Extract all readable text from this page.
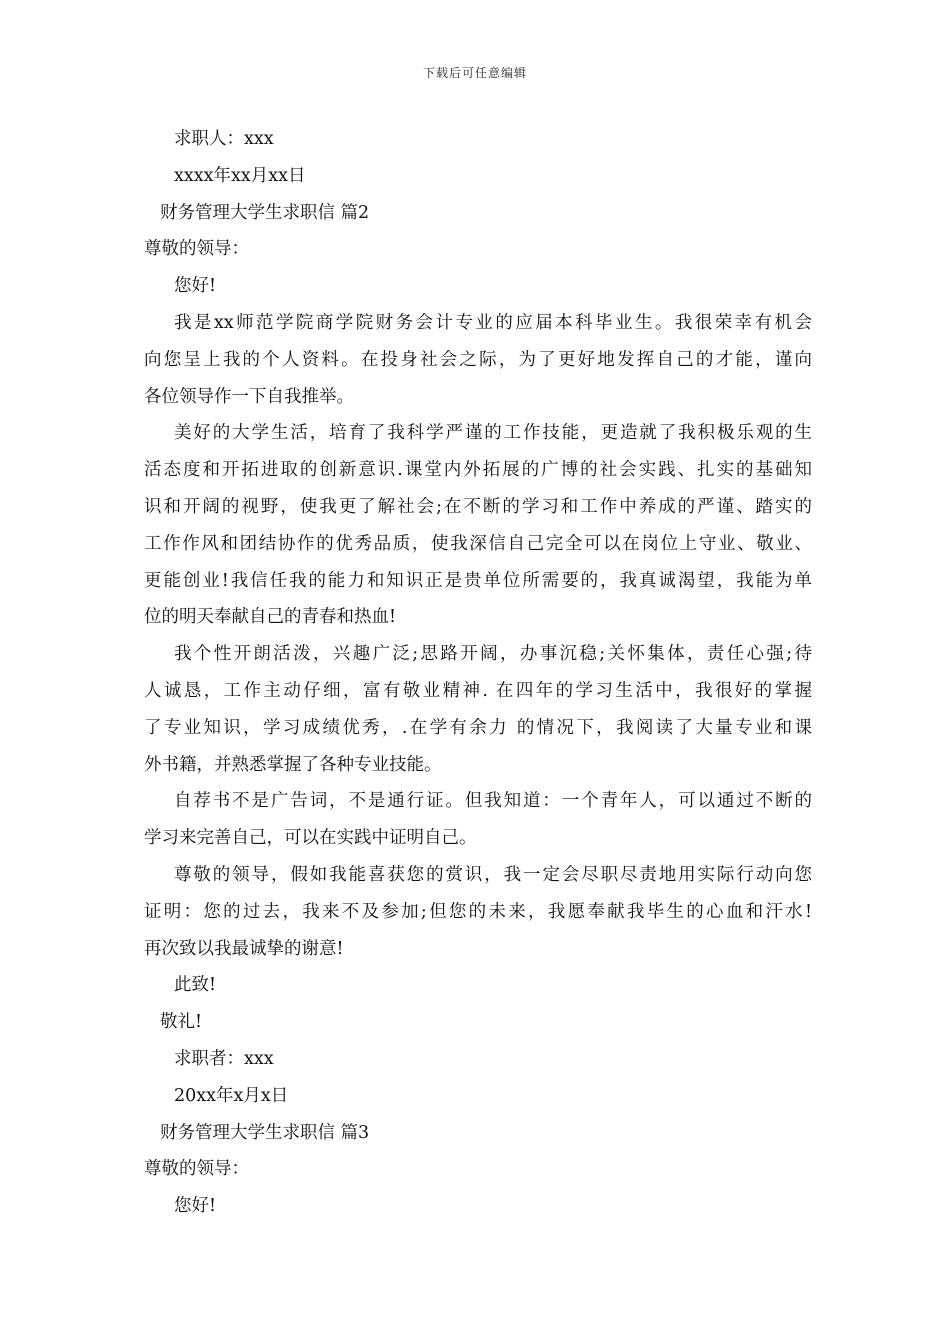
下载后可任意编辑
求职人：xxx
xxxx年xx月xx日
财务管理大学生求职信 篇2
尊敬的领导：
您好!
我是xx师范学院商学院财务会计专业的应届本科毕业生。我很荣幸有机会
向您呈上我的个人资料。在投身社会之际，为了更好地发挥自己的才能，谨向
各位领导作一下自我推举。
美好的大学生活，培育了我科学严谨的工作技能，更造就了我积极乐观的生
活态度和开拓进取的创新意识.课堂内外拓展的广博的社会实践、扎实的基础知
识和开阔的视野，使我更了解社会;在不断的学习和工作中养成的严谨、踏实的
工作作风和团结协作的优秀品质，使我深信自己完全可以在岗位上守业、敬业、
更能创业!我信任我的能力和知识正是贵单位所需要的，我真诚渴望，我能为单
位的明天奉献自己的青春和热血!
我个性开朗活泼，兴趣广泛;思路开阔，办事沉稳;关怀集体，责任心强;待
人诚恳，工作主动仔细，富有敬业精神. 在四年的学习生活中，我很好的掌握
了专业知识，学习成绩优秀，.在学有余力 的情况下，我阅读了大量专业和课
外书籍，并熟悉掌握了各种专业技能。
自荐书不是广告词，不是通行证。但我知道：一个青年人，可以通过不断的
学习来完善自己，可以在实践中证明自己。
尊敬的领导，假如我能喜获您的赏识，我一定会尽职尽责地用实际行动向您
证明：您的过去，我来不及参加;但您的未来，我愿奉献我毕生的心血和汗水!
再次致以我最诚挚的谢意!
此致!
敬礼!
求职者：xxx
20xx年x月x日
财务管理大学生求职信 篇3
尊敬的领导：
您好!
